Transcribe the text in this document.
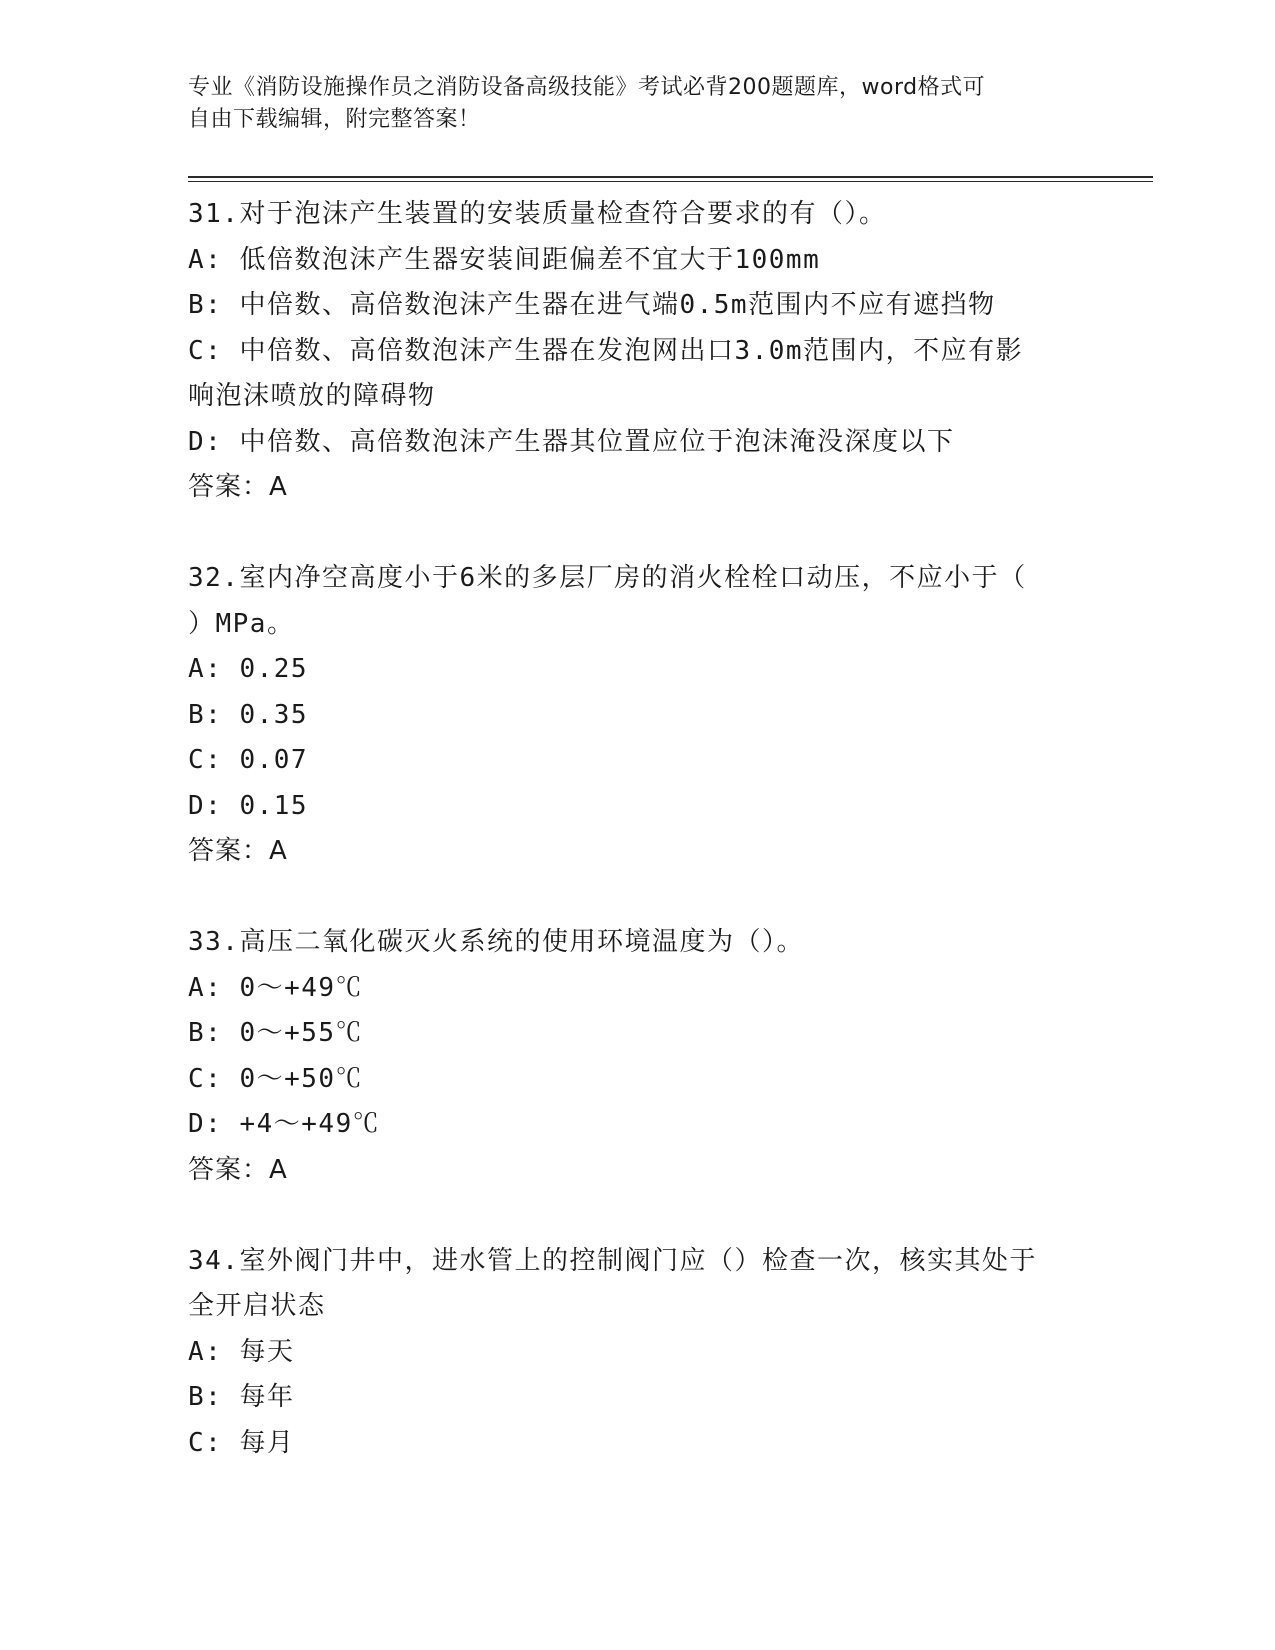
专业《消防设施操作员之消防设备高级技能》考试必背200题题库，word格式可
自由下载编辑，附完整答案！
31.对于泡沫产生装置的安装质量检查符合要求的有（）。
A: 低倍数泡沫产生器安装间距偏差不宜大于100mm
B: 中倍数、高倍数泡沫产生器在进气端0.5m范围内不应有遮挡物
C: 中倍数、高倍数泡沫产生器在发泡网出口3.0m范围内，不应有影
响泡沫喷放的障碍物
D: 中倍数、高倍数泡沫产生器其位置应位于泡沫淹没深度以下
答案：A
32.室内净空高度小于6米的多层厂房的消火栓栓口动压，不应小于（
）MPa。
A: 0.25
B: 0.35
C: 0.07
D: 0.15
答案：A
33.高压二氧化碳灭火系统的使用环境温度为（）。
A: 0～+49℃
B: 0～+55℃
C: 0～+50℃
D: +4～+49℃
答案：A
34.室外阀门井中，进水管上的控制阀门应（）检查一次，核实其处于
全开启状态
A: 每天
B: 每年
C: 每月
